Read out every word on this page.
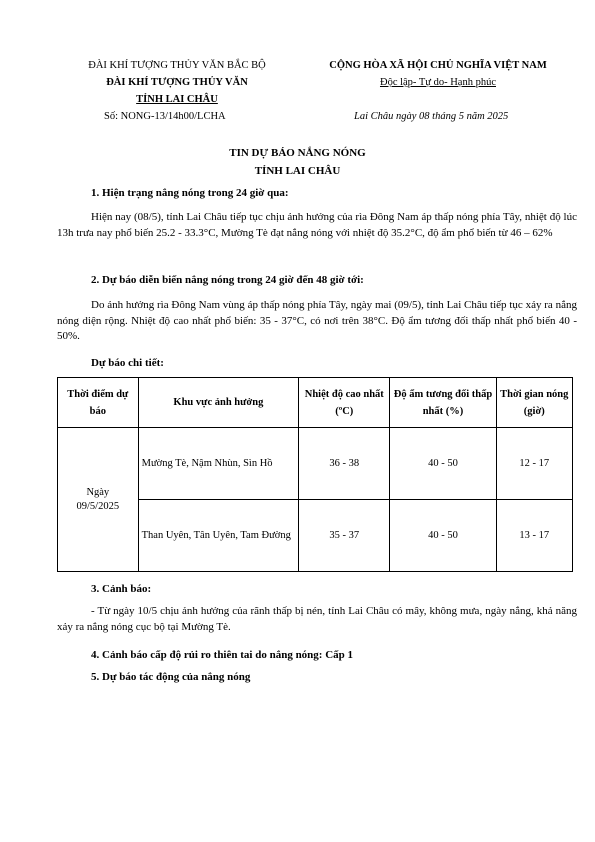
ĐÀI KHÍ TƯỢNG THỦY VĂN BẮC BỘ
ĐÀI KHÍ TƯỢNG THỦY VĂN
TỈNH LAI CHÂU
CỘNG HÒA XÃ HỘI CHỦ NGHĨA VIỆT NAM
Độc lập- Tự do- Hạnh phúc
Số: NONG-13/14h00/LCHA	Lai Châu ngày 08 tháng 5 năm 2025
TIN DỰ BÁO NẮNG NÓNG
TỈNH LAI CHÂU
1. Hiện trạng nắng nóng trong 24 giờ qua:
Hiện nay (08/5), tỉnh Lai Châu tiếp tục chịu ảnh hưởng của rìa Đông Nam áp thấp nóng phía Tây, nhiệt độ lúc 13h trưa nay phổ biến 25.2 - 33.3°C, Mường Tè đạt nắng nóng với nhiệt độ 35.2°C, độ ẩm phổ biến từ 46 – 62%
2. Dự báo diễn biến nắng nóng trong 24 giờ đến 48 giờ tới:
Do ảnh hưởng rìa Đông Nam vùng áp thấp nóng phía Tây, ngày mai (09/5), tỉnh Lai Châu tiếp tục xảy ra nắng nóng diện rộng. Nhiệt độ cao nhất phổ biến: 35 - 37°C, có nơi trên 38°C. Độ ẩm tương đối thấp nhất phổ biến 40 - 50%.
Dự báo chi tiết:
Thời điểm dự báo	Khu vực ảnh hưởng	Nhiệt độ cao nhất (ºC)	Độ ẩm tương đối thấp nhất (%)	Thời gian nóng (giờ)

Ngày
09/5/2025	Mường Tè, Nậm Nhùn, Sìn Hồ	36 - 38	40 - 50	12 - 17
	Than Uyên, Tân Uyên, Tam Đường	35 - 37	40 - 50	13 - 17
3. Cảnh báo:
- Từ ngày 10/5 chịu ảnh hưởng của rãnh thấp bị nén, tỉnh Lai Châu có mây, không mưa, ngày nắng, khả năng xảy ra nắng nóng cục bộ tại Mường Tè.
4. Cảnh báo cấp độ rủi ro thiên tai do nắng nóng: Cấp 1
5. Dự báo tác động của nắng nóng
